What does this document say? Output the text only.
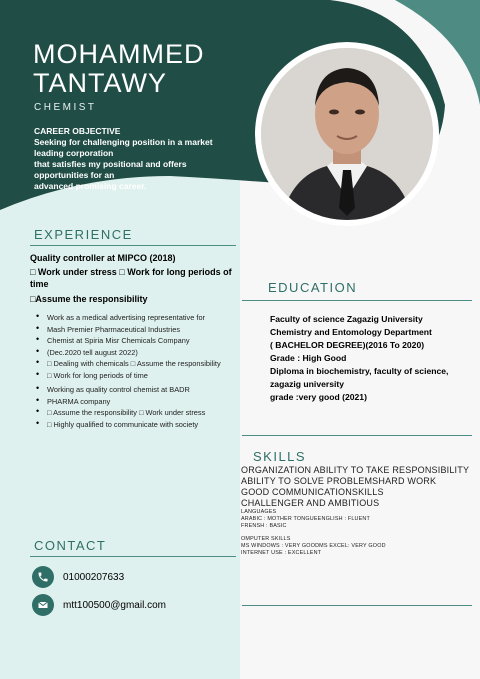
MOHAMMED
TANTAWY
CHEMIST
CAREER OBJECTIVE
Seeking for challenging position in a market leading corporation
that satisfies my positional and offers opportunities for an
advanced promising career.
EXPERIENCE
Quality controller at MIPCO (2018)
□ Work under stress □ Work for long periods of time
□Assume the responsibility
• Work as a medical advertising representative for
• Mash Premier Pharmaceutical Industries
• Chemist at Spiria Misr Chemicals Company
• (Dec.2020 tell august 2022)
• □ Dealing with chemicals □ Assume the responsibility
• □ Work for long periods of time
• Working as quality control chemist at BADR
• PHARMA company
• □ Assume the responsibility □ Work under stress
• □ Highly qualified to communicate with society
CONTACT
01000207633
mtt100500@gmail.com
EDUCATION
Faculty of science Zagazig University
Chemistry and Entomology Department
( BACHELOR DEGREE)(2016 To 2020)
Grade : High Good
Diploma in biochemistry, faculty of science, zagazig university
grade :very good (2021)
SKILLS
ORGANIZATION ABILITY TO TAKE RESPONSIBILITY
ABILITY TO SOLVE PROBLEMSHARD WORK
GOOD COMMUNICATIONSKILLS
CHALLENGER AND AMBITIOUS
LANGUAGES
ARABIC : MOTHER TONGUEENGLISH : FLUENT
FRENSH : BASIC
OMPUTER SKILLS
MS WINDOWS : VERY GOODMS EXCEL: VERY GOOD
INTERNET USE : EXCELLENT
